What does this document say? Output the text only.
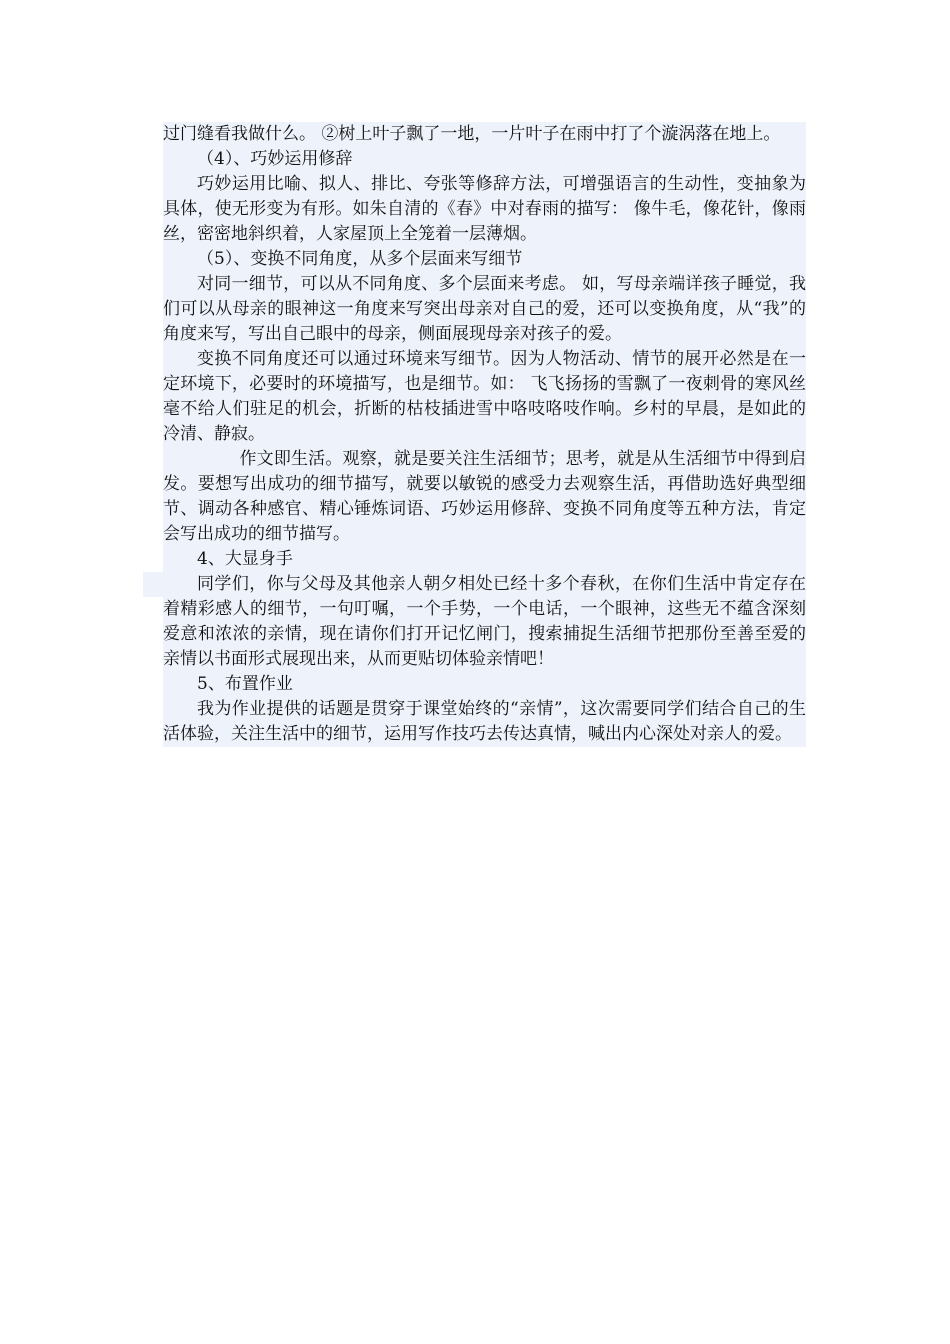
过门缝看我做什么。 ②树上叶子飘了一地，一片叶子在雨中打了个漩涡落在地上。

（4）、巧妙运用修辞

巧妙运用比喻、拟人、排比、夸张等修辞方法，可增强语言的生动性，变抽象为具体，使无形变为有形。如朱自清的《春》中对春雨的描写： 像牛毛，像花针，像雨丝，密密地斜织着，人家屋顶上全笼着一层薄烟。

（5）、变换不同角度，从多个层面来写细节

对同一细节，可以从不同角度、多个层面来考虑。 如，写母亲端详孩子睡觉，我们可以从母亲的眼神这一角度来写突出母亲对自己的爱，还可以变换角度，从“我”的角度来写，写出自己眼中的母亲，侧面展现母亲对孩子的爱。

变换不同角度还可以通过环境来写细节。因为人物活动、情节的展开必然是在一定环境下，必要时的环境描写，也是细节。如： 飞飞扬扬的雪飘了一夜刺骨的寒风丝毫不给人们驻足的机会，折断的枯枝插进雪中咯吱咯吱作响。乡村的早晨，是如此的冷清、静寂。

作文即生活。观察，就是要关注生活细节；思考，就是从生活细节中得到启发。要想写出成功的细节描写，就要以敏锐的感受力去观察生活，再借助选好典型细节、调动各种感官、精心锤炼词语、巧妙运用修辞、变换不同角度等五种方法，肯定会写出成功的细节描写。

4、大显身手

同学们，你与父母及其他亲人朝夕相处已经十多个春秋，在你们生活中肯定存在着精彩感人的细节，一句叮嘱，一个手势，一个电话，一个眼神，这些无不蕴含深刻爱意和浓浓的亲情，现在请你们打开记忆闸门，搜索捕捉生活细节把那份至善至爱的亲情以书面形式展现出来，从而更贴切体验亲情吧！

5、布置作业

我为作业提供的话题是贯穿于课堂始终的“亲情”，这次需要同学们结合自己的生活体验，关注生活中的细节，运用写作技巧去传达真情，喊出内心深处对亲人的爱。
